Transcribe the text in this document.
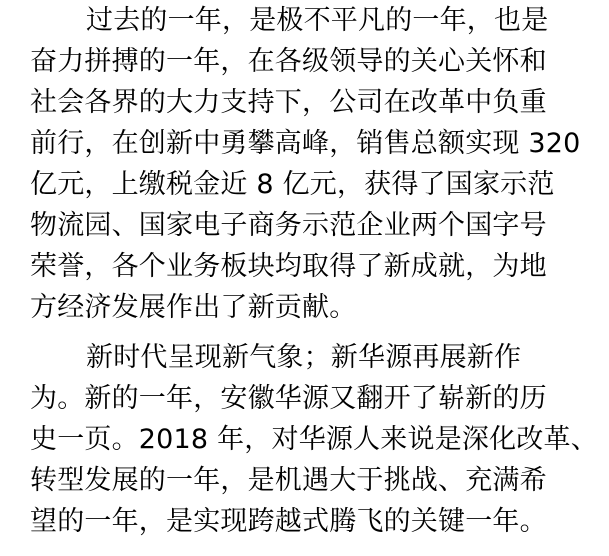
过去的一年，是极不平凡的一年，也是
奋力拼搏的一年，在各级领导的关心关怀和
社会各界的大力支持下，公司在改革中负重
前行，在创新中勇攀高峰，销售总额实现 320
亿元，上缴税金近 8 亿元，获得了国家示范
物流园、国家电子商务示范企业两个国字号
荣誉，各个业务板块均取得了新成就，为地
方经济发展作出了新贡献。
新时代呈现新气象；新华源再展新作
为。新的一年，安徽华源又翻开了崭新的历
史一页。2018 年，对华源人来说是深化改革、
转型发展的一年，是机遇大于挑战、充满希
望的一年，是实现跨越式腾飞的关键一年。
